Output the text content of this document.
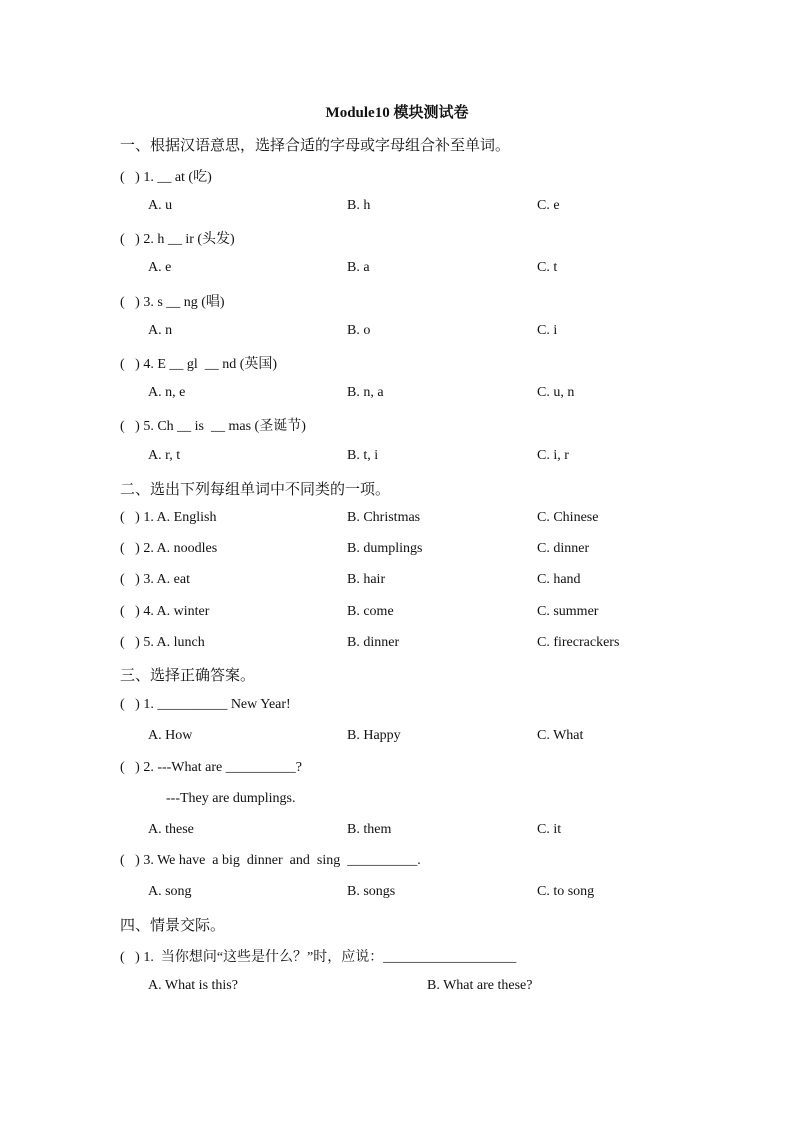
Module10 模块测试卷
一、根据汉语意思，选择合适的字母或字母组合补至单词。
(   ) 1. __ at (吃)
A. u	B. h	C. e
(   ) 2. h __ ir (头发)
A. e	B. a	C. t
(   ) 3. s __ ng (唱)
A. n	B. o	C. i
(   ) 4. E __ gl  __ nd (英国)
A. n, e	B. n, a	C. u, n
(   ) 5. Ch __ is  __ mas (圣诞节)
A. r, t	B. t, i	C. i, r
二、选出下列每组单词中不同类的一项。
(   ) 1. A. English	B. Christmas	C. Chinese
(   ) 2. A. noodles	B. dumplings	C. dinner
(   ) 3. A. eat	B. hair	C. hand
(   ) 4. A. winter	B. come	C. summer
(   ) 5. A. lunch	B. dinner	C. firecrackers
三、选择正确答案。
(   ) 1. __________ New Year!
A. How	B. Happy	C. What
(   ) 2. ---What are __________?
---They are dumplings.
A. these	B. them	C. it
(   ) 3. We have  a big  dinner  and  sing  __________.
A. song	B. songs	C. to song
四、情景交际。
(   ) 1.  当你想问“这些是什么？”时，应说：___________________
A. What is this?	B. What are these?
